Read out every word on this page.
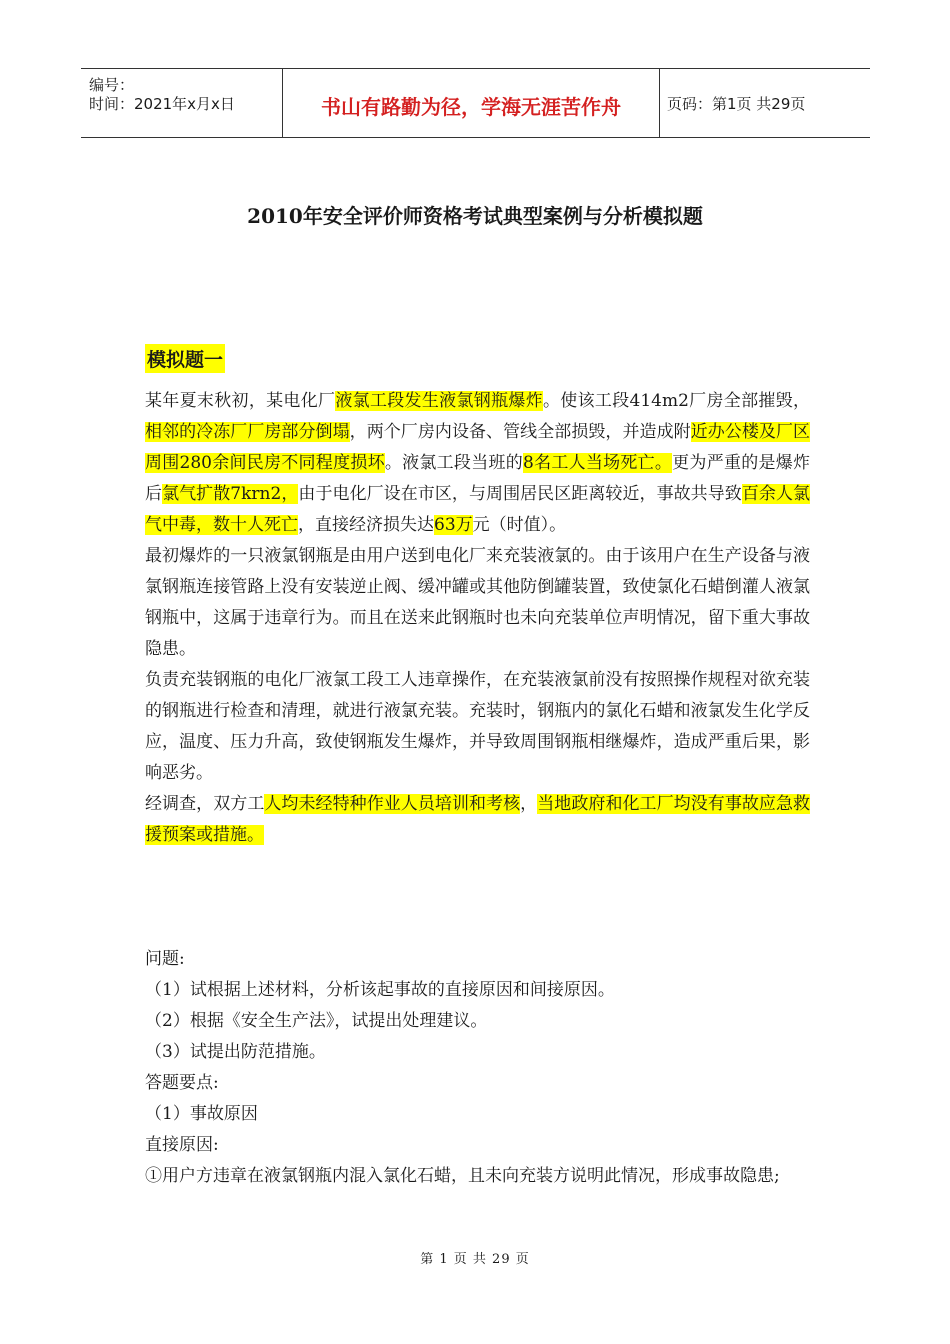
编号：
时间：2021年x月x日	书山有路勤为径，学海无涯苦作舟	页码：第1页 共29页
2010年安全评价师资格考试典型案例与分析模拟题
模拟题一

某年夏末秋初，某电化厂液氯工段发生液氯钢瓶爆炸。使该工段414m2厂房全部摧毁，相邻的冷冻厂厂房部分倒塌，两个厂房内设备、管线全部损毁，并造成附近办公楼及厂区周围280余间民房不同程度损坏。液氯工段当班的8名工人当场死亡。更为严重的是爆炸后氯气扩散7krn2，由于电化厂设在市区，与周围居民区距离较近，事故共导致百余人氯气中毒，数十人死亡，直接经济损失达63万元（时值）。

最初爆炸的一只液氯钢瓶是由用户送到电化厂来充装液氯的。由于该用户在生产设备与液氯钢瓶连接管路上没有安装逆止阀、缓冲罐或其他防倒罐装置，致使氯化石蜡倒灌人液氯钢瓶中，这属于违章行为。而且在送来此钢瓶时也未向充装单位声明情况，留下重大事故隐患。

负责充装钢瓶的电化厂液氯工段工人违章操作，在充装液氯前没有按照操作规程对欲充装的钢瓶进行检查和清理，就进行液氯充装。充装时，钢瓶内的氯化石蜡和液氯发生化学反应，温度、压力升高，致使钢瓶发生爆炸，并导致周围钢瓶相继爆炸，造成严重后果，影响恶劣。

经调查，双方工人均未经特种作业人员培训和考核，当地政府和化工厂均没有事故应急救援预案或措施。

问题:

（1）试根据上述材料，分析该起事故的直接原因和间接原因。

（2）根据《安全生产法》，试提出处理建议。

（3）试提出防范措施。

答题要点:

（1）事故原因

直接原因:

①用户方违章在液氯钢瓶内混入氯化石蜡，且未向充装方说明此情况，形成事故隐患;

第 1 页 共 29 页
